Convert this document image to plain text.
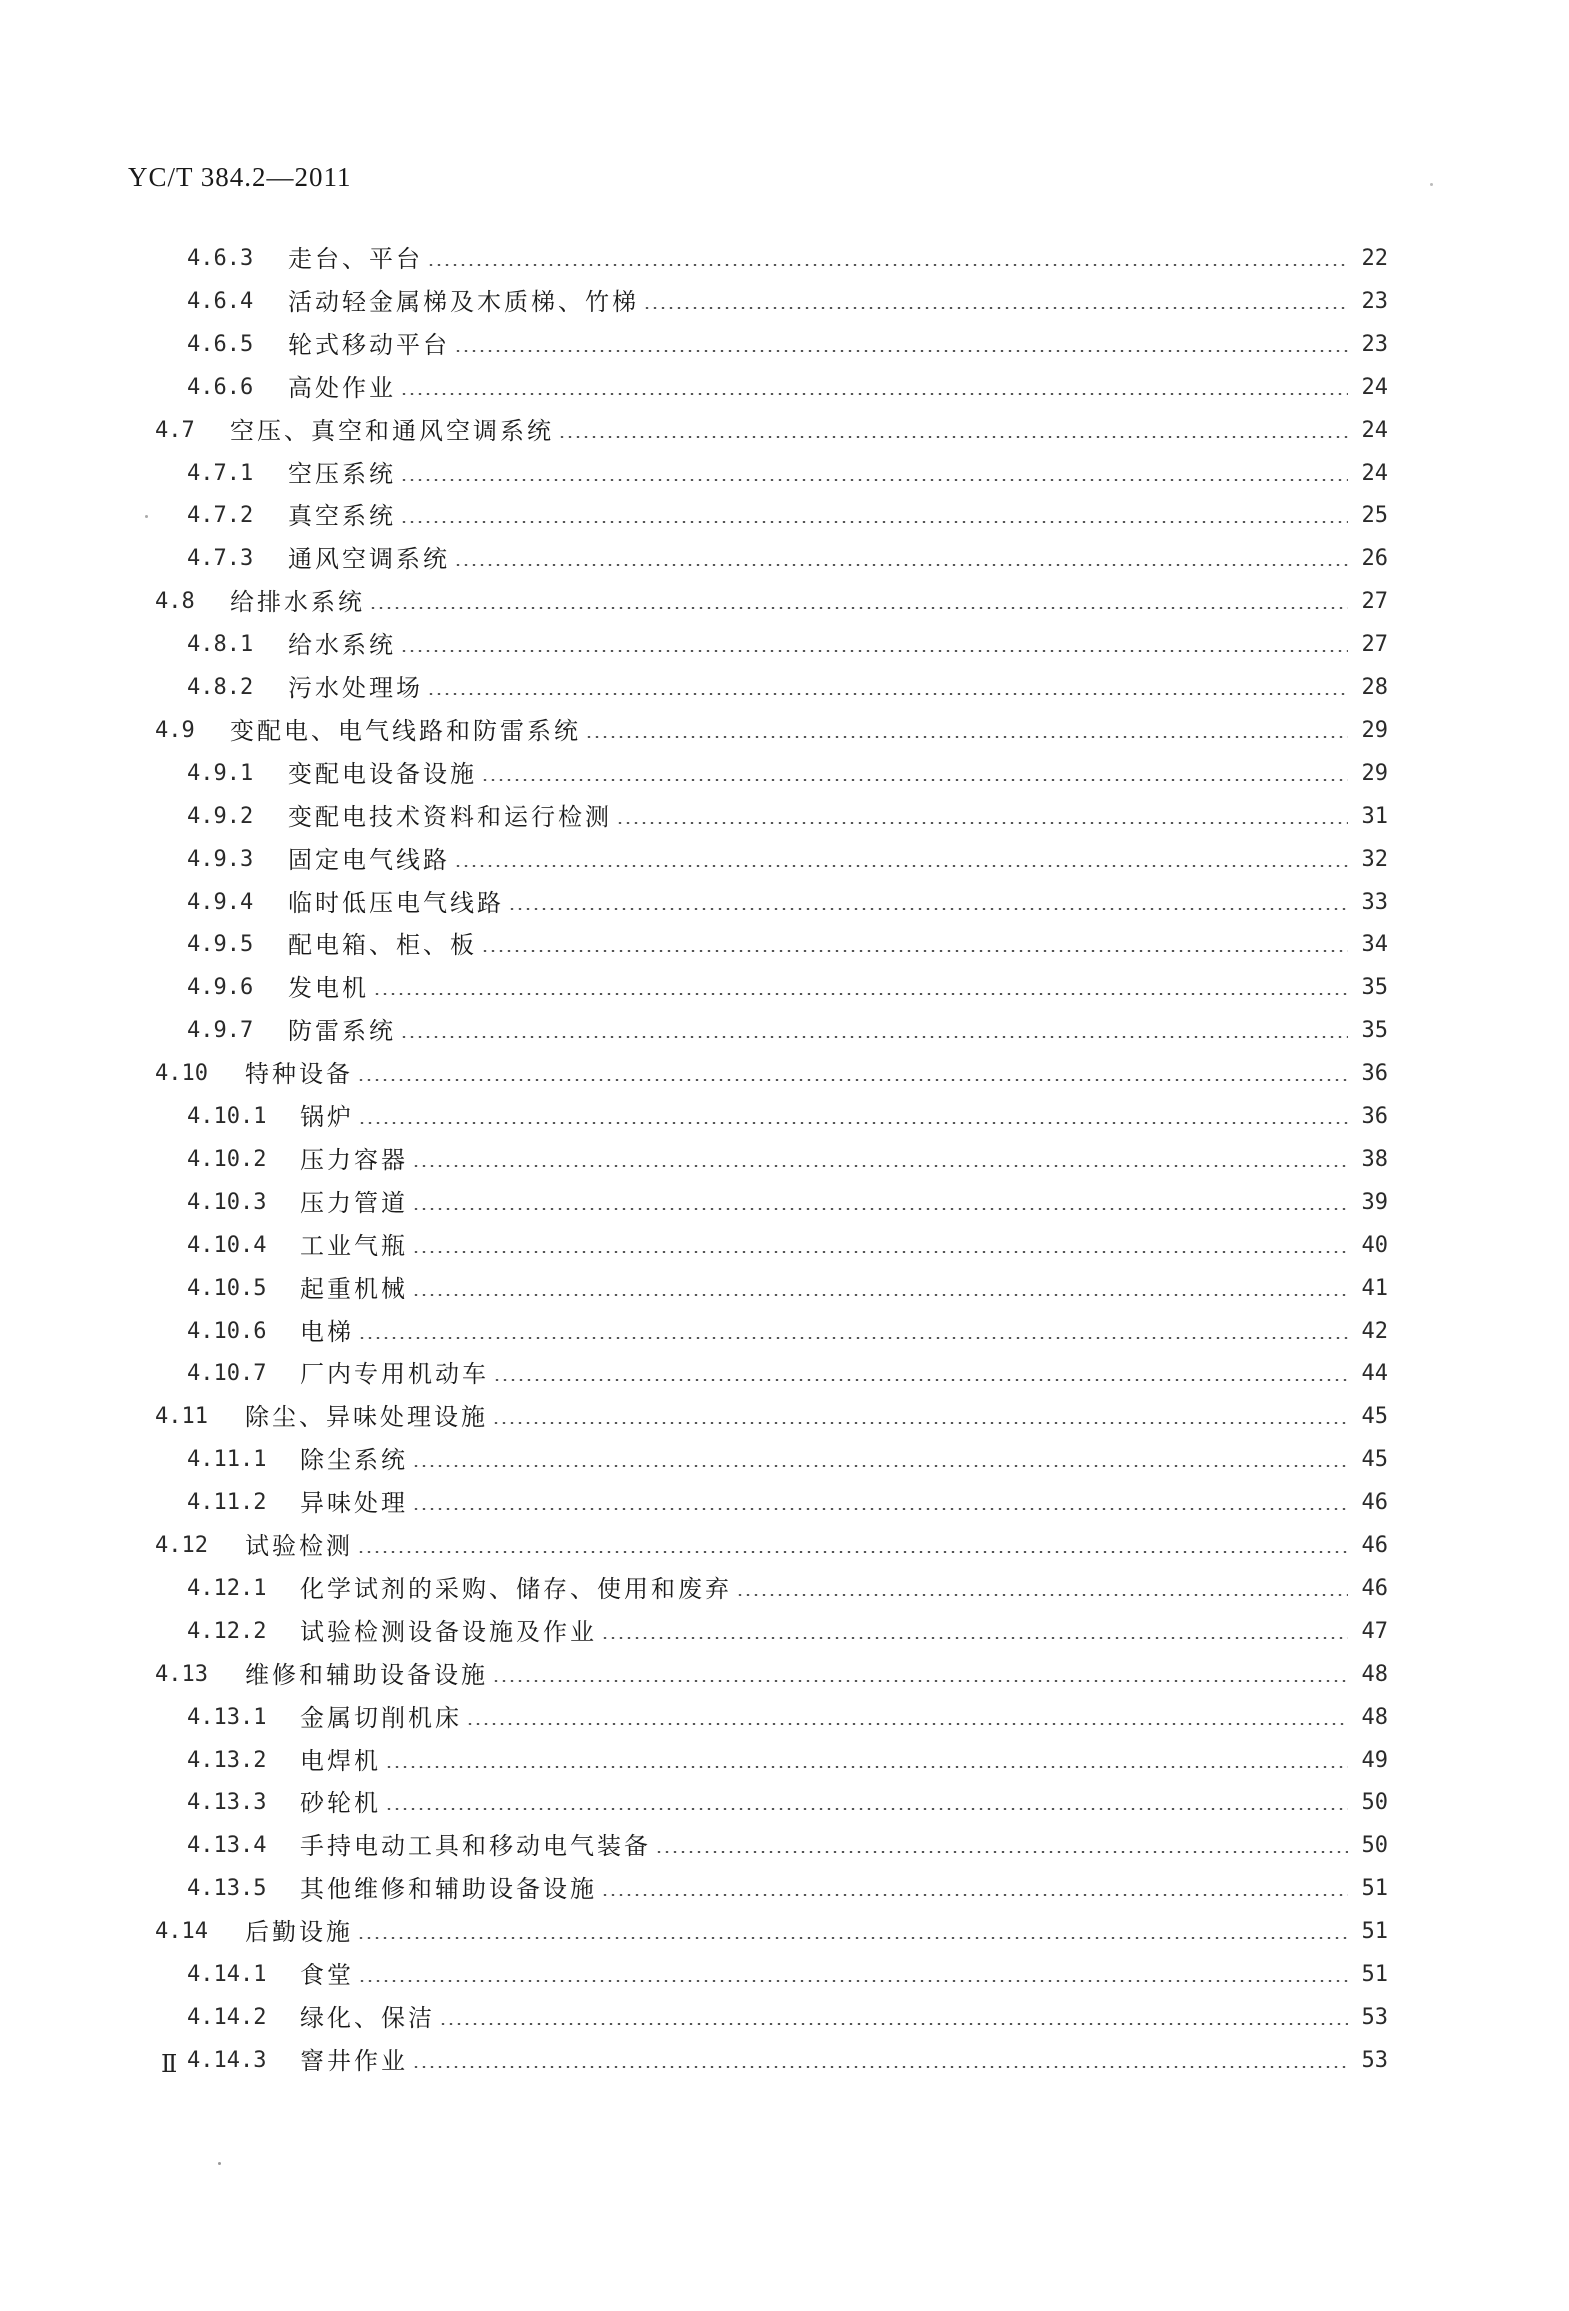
YC/T 384.2—2011
4.6.3	走台、平台	22
4.6.4	活动轻金属梯及木质梯、竹梯	23
4.6.5	轮式移动平台	23
4.6.6	高处作业	24
4.7	空压、真空和通风空调系统	24
4.7.1	空压系统	24
4.7.2	真空系统	25
4.7.3	通风空调系统	26
4.8	给排水系统	27
4.8.1	给水系统	27
4.8.2	污水处理场	28
4.9	变配电、电气线路和防雷系统	29
4.9.1	变配电设备设施	29
4.9.2	变配电技术资料和运行检测	31
4.9.3	固定电气线路	32
4.9.4	临时低压电气线路	33
4.9.5	配电箱、柜、板	34
4.9.6	发电机	35
4.9.7	防雷系统	35
4.10	特种设备	36
4.10.1	锅炉	36
4.10.2	压力容器	38
4.10.3	压力管道	39
4.10.4	工业气瓶	40
4.10.5	起重机械	41
4.10.6	电梯	42
4.10.7	厂内专用机动车	44
4.11	除尘、异味处理设施	45
4.11.1	除尘系统	45
4.11.2	异味处理	46
4.12	试验检测	46
4.12.1	化学试剂的采购、储存、使用和废弃	46
4.12.2	试验检测设备设施及作业	47
4.13	维修和辅助设备设施	48
4.13.1	金属切削机床	48
4.13.2	电焊机	49
4.13.3	砂轮机	50
4.13.4	手持电动工具和移动电气装备	50
4.13.5	其他维修和辅助设备设施	51
4.14	后勤设施	51
4.14.1	食堂	51
4.14.2	绿化、保洁	53
4.14.3	窨井作业	53
Ⅱ
